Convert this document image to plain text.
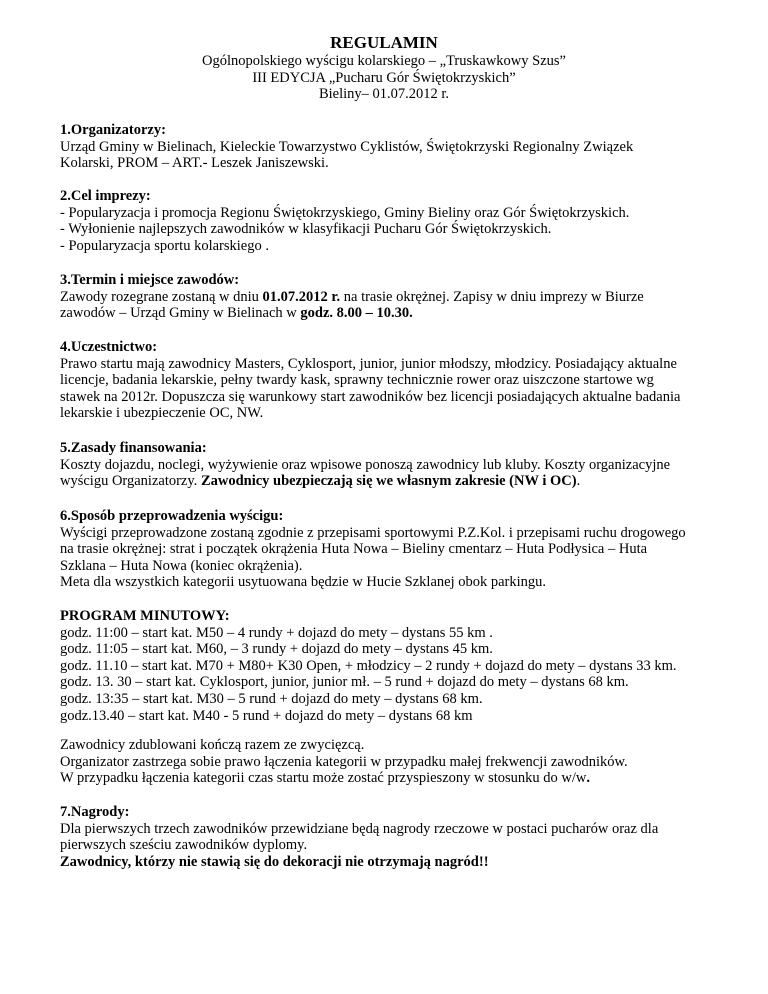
REGULAMIN
Ogólnopolskiego wyścigu kolarskiego – „Truskawkowy Szus”
III EDYCJA „Pucharu Gór Świętokrzyskich”
Bieliny– 01.07.2012 r.
1.Organizatorzy:
Urząd Gminy w Bielinach, Kieleckie Towarzystwo Cyklistów, Świętokrzyski Regionalny Związek
Kolarski, PROM – ART.- Leszek Janiszewski.
2.Cel imprezy:
- Popularyzacja i promocja Regionu Świętokrzyskiego, Gminy Bieliny oraz Gór Świętokrzyskich.
- Wyłonienie najlepszych zawodników w klasyfikacji Pucharu Gór Świętokrzyskich.
- Popularyzacja sportu kolarskiego .
3.Termin i miejsce zawodów:
Zawody rozegrane zostaną w dniu 01.07.2012 r. na trasie okrężnej. Zapisy w dniu imprezy w Biurze
zawodów – Urząd Gminy w Bielinach w godz. 8.00 – 10.30.
4.Uczestnictwo:
Prawo startu mają zawodnicy Masters, Cyklosport, junior, junior młodszy, młodzicy. Posiadający aktualne
licencje, badania lekarskie, pełny twardy kask, sprawny technicznie rower oraz uiszczone startowe wg
stawek na 2012r. Dopuszcza się warunkowy start zawodników bez licencji posiadających aktualne badania
lekarskie i ubezpieczenie OC, NW.
5.Zasady finansowania:
Koszty dojazdu, noclegi, wyżywienie oraz wpisowe ponoszą zawodnicy lub kluby. Koszty organizacyjne
wyścigu Organizatorzy. Zawodnicy ubezpieczają się we własnym zakresie (NW i OC).
6.Sposób przeprowadzenia wyścigu:
Wyścigi przeprowadzone zostaną zgodnie z przepisami sportowymi P.Z.Kol. i przepisami ruchu drogowego
na trasie okrężnej: strat i początek okrążenia Huta Nowa – Bieliny cmentarz – Huta Podłysica – Huta
Szklana – Huta Nowa (koniec okrążenia).
Meta dla wszystkich kategorii usytuowana będzie w Hucie Szklanej obok parkingu.
PROGRAM MINUTOWY:
godz. 11:00 – start kat. M50 – 4 rundy + dojazd do mety – dystans 55 km .
godz. 11:05 – start kat. M60, – 3 rundy + dojazd do mety – dystans 45 km.
godz. 11.10 – start kat. M70 + M80+ K30 Open, + młodzicy – 2 rundy + dojazd do mety – dystans 33 km.
godz. 13. 30 – start kat. Cyklosport, junior, junior mł. – 5 rund + dojazd do mety – dystans 68 km.
godz. 13:35 – start kat. M30 – 5 rund + dojazd do mety – dystans 68 km.
godz.13.40 – start kat. M40 - 5 rund + dojazd do mety – dystans 68 km
Zawodnicy zdublowani kończą razem ze zwycięzcą.
Organizator zastrzega sobie prawo łączenia kategorii w przypadku małej frekwencji zawodników.
W przypadku łączenia kategorii czas startu może zostać przyspieszony w stosunku do w/w.
7.Nagrody:
Dla pierwszych trzech zawodników przewidziane będą nagrody rzeczowe w postaci pucharów oraz dla
pierwszych sześciu zawodników dyplomy.
Zawodnicy, którzy nie stawią się do dekoracji nie otrzymają nagród!!
